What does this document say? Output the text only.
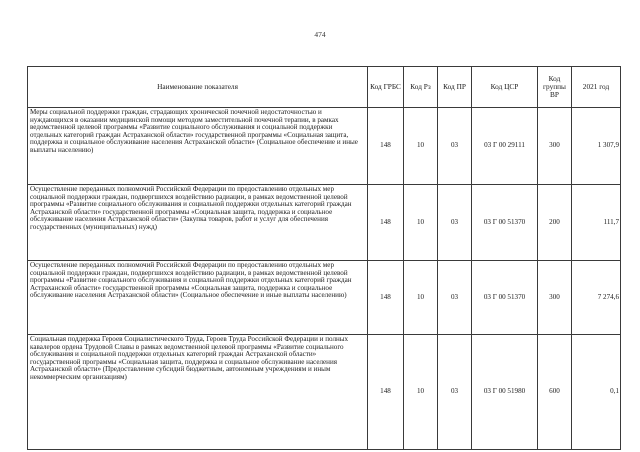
474
Наименование показателя	Код ГРБС	Код Рз	Код ПР	Код ЦСР	Код группы ВР	2021 год
Меры социальной поддержки граждан, страдающих хронической почечной недостаточностью и нуждающихся в оказании медицинской помощи методом заместительной почечной терапии, в рамках ведомственной целевой программы «Развитие социального обслуживания и социальной поддержки отдельных категорий граждан Астраханской области» государственной программы «Социальная защита, поддержка и социальное обслуживание населения Астраханской области» (Социальное обеспечение и иные выплаты населению)	148	10	03	03 Г 00 29111	300	1 307,9
Осуществление переданных полномочий Российской Федерации по предоставлению отдельных мер социальной поддержки граждан, подвергшихся воздействию радиации, в рамках ведомственной целевой программы «Развитие социального обслуживания и социальной поддержки отдельных категорий граждан Астраханской области» государственной программы «Социальная защита, поддержка и социальное обслуживание населения Астраханской области» (Закупка товаров, работ и услуг для обеспечения государственных (муниципальных) нужд)	148	10	03	03 Г 00 51370	200	111,7
Осуществление переданных полномочий Российской Федерации по предоставлению отдельных мер социальной поддержки граждан, подвергшихся воздействию радиации, в рамках ведомственной целевой программы «Развитие социального обслуживания и социальной поддержки отдельных категорий граждан Астраханской области» государственной программы «Социальная защита, поддержка и социальное обслуживание населения Астраханской области» (Социальное обеспечение и иные выплаты населению)	148	10	03	03 Г 00 51370	300	7 274,6
Социальная поддержка Героев Социалистического Труда, Героев Труда Российской Федерации и полных кавалеров ордена Трудовой Славы в рамках ведомственной целевой программы «Развитие социального обслуживания и социальной поддержки отдельных категорий граждан Астраханской области» государственной программы «Социальная защита, поддержка и социальное обслуживание населения Астраханской области» (Предоставление субсидий бюджетным, автономным учреждениям и иным некоммерческим организациям)	148	10	03	03 Г 00 51980	600	0,1
